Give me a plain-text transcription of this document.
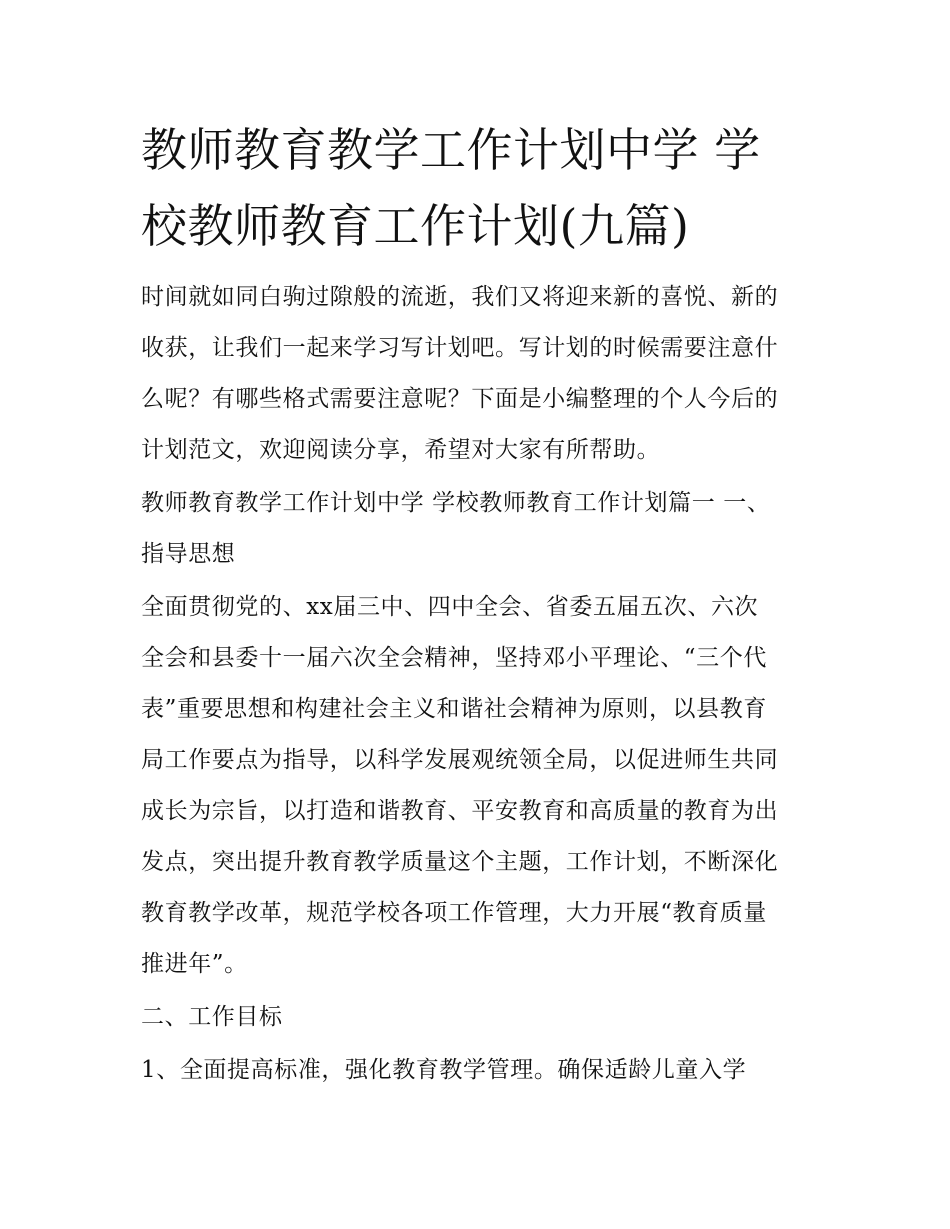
教师教育教学工作计划中学 学
校教师教育工作计划(九篇)

时间就如同白驹过隙般的流逝，我们又将迎来新的喜悦、新的
收获，让我们一起来学习写计划吧。写计划的时候需要注意什
么呢？有哪些格式需要注意呢？下面是小编整理的个人今后的
计划范文，欢迎阅读分享，希望对大家有所帮助。

教师教育教学工作计划中学 学校教师教育工作计划篇一 一、
指导思想

全面贯彻党的、xx届三中、四中全会、省委五届五次、六次
全会和县委十一届六次全会精神，坚持邓小平理论、“三个代
表”重要思想和构建社会主义和谐社会精神为原则，以县教育
局工作要点为指导，以科学发展观统领全局，以促进师生共同
成长为宗旨，以打造和谐教育、平安教育和高质量的教育为出
发点，突出提升教育教学质量这个主题，工作计划，不断深化
教育教学改革，规范学校各项工作管理，大力开展“教育质量
推进年”。

二、工作目标

1、全面提高标准，强化教育教学管理。确保适龄儿童入学
